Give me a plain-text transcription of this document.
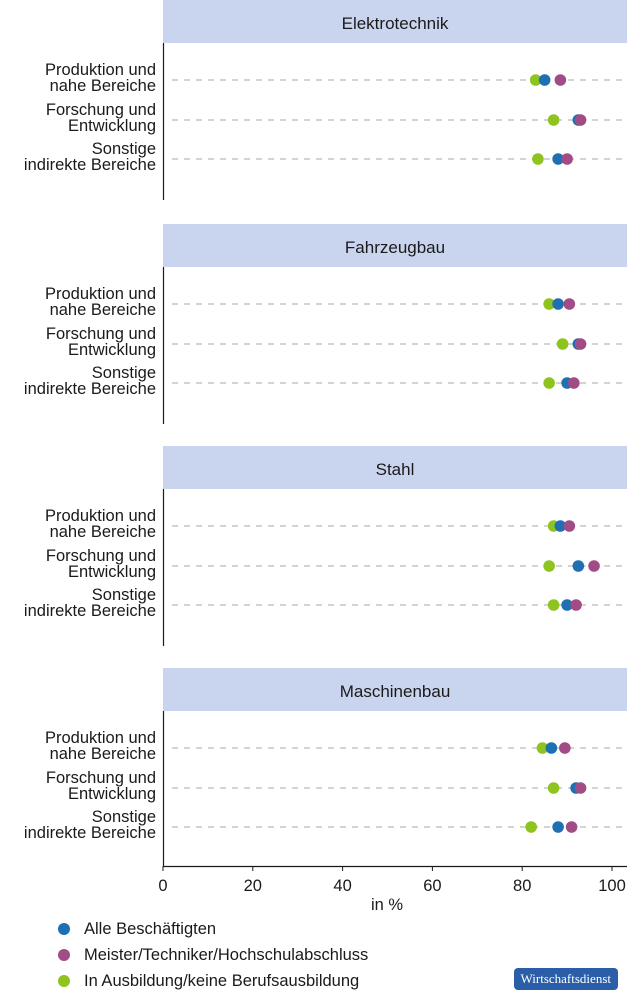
Elektrotechnik
Produktion und
nahe Bereiche
Forschung und
Entwicklung
Sonstige
indirekte Bereiche
Fahrzeugbau
Produktion und
nahe Bereiche
Forschung und
Entwicklung
Sonstige
indirekte Bereiche
Stahl
Produktion und
nahe Bereiche
Forschung und
Entwicklung
Sonstige
indirekte Bereiche
Maschinenbau
Produktion und
nahe Bereiche
Forschung und
Entwicklung
Sonstige
indirekte Bereiche
0	20	40	60	80	100
in %
Alle Beschäftigten
Meister/Techniker/Hochschulabschluss
In Ausbildung/keine Berufsausbildung	Wirtschaftsdienst
